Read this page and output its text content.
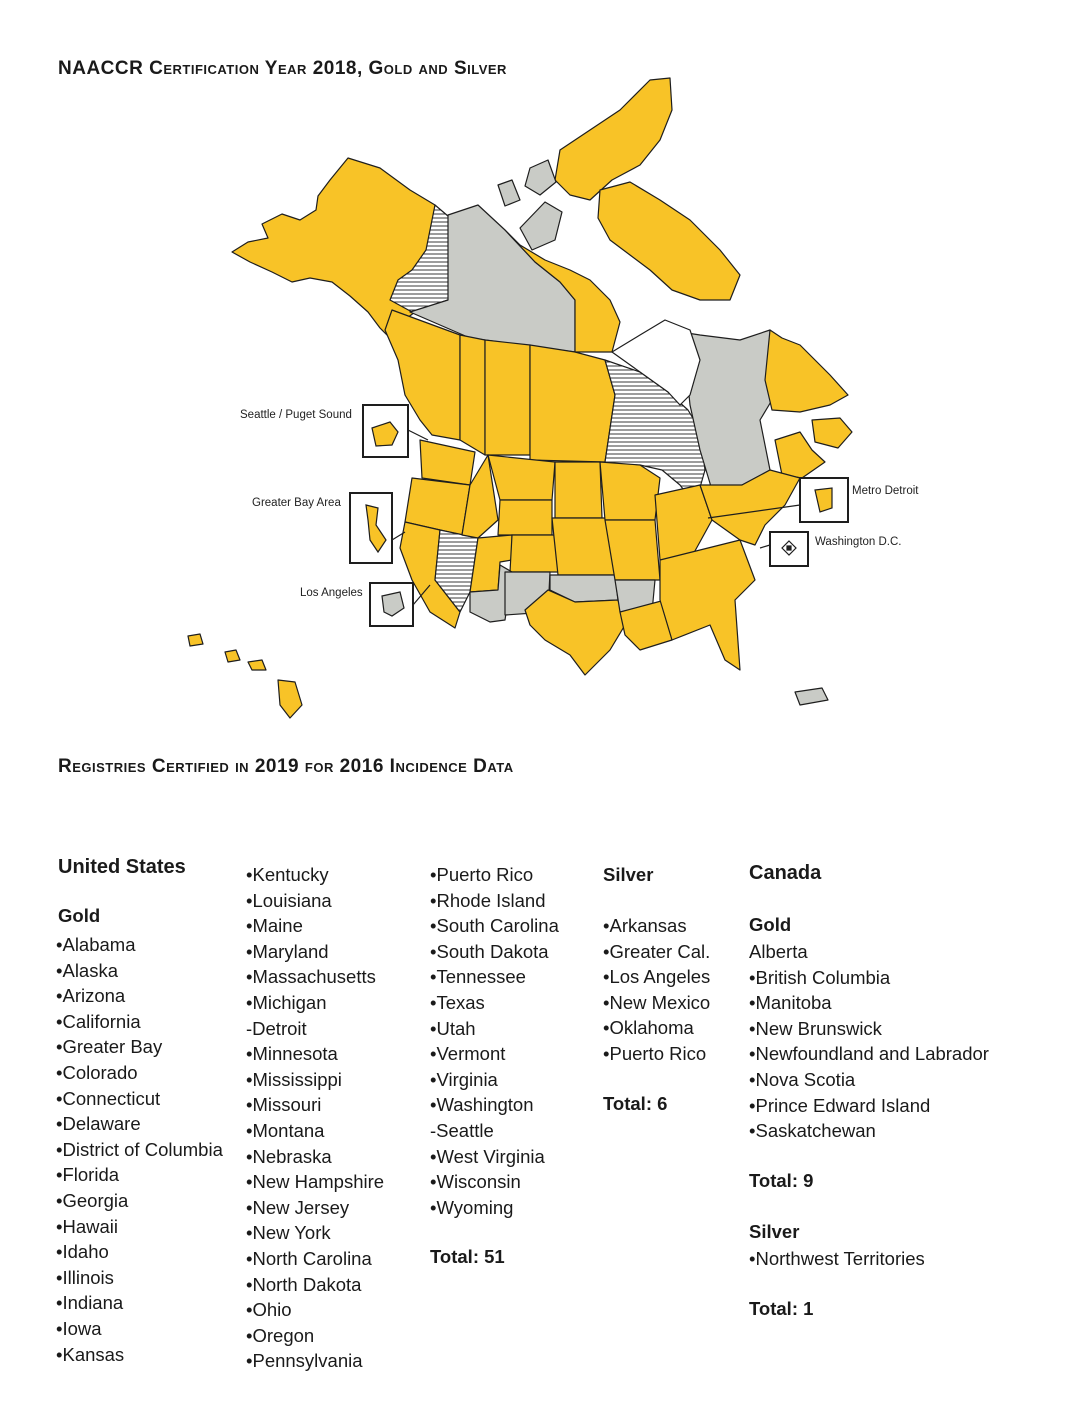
NAACCR Certification Year 2018, Gold and Silver
Seattle / Puget Sound
Greater Bay Area
Los Angeles
Metro Detroit
Washington D.C.
Registries Certified in 2019 for 2016 Incidence Data
United States
Gold
•Alabama
•Alaska
•Arizona
•California
•Greater Bay
•Colorado
•Connecticut
•Delaware
•District of Columbia
•Florida
•Georgia
•Hawaii
•Idaho
•Illinois
•Indiana
•Iowa
•Kansas
•Kentucky
•Louisiana
•Maine
•Maryland
•Massachusetts
•Michigan
-Detroit
•Minnesota
•Mississippi
•Missouri
•Montana
•Nebraska
•New Hampshire
•New Jersey
•New York
•North Carolina
•North Dakota
•Ohio
•Oregon
•Pennsylvania
•Puerto Rico
•Rhode Island
•South Carolina
•South Dakota
•Tennessee
•Texas
•Utah
•Vermont
•Virginia
•Washington
-Seattle
•West Virginia
•Wisconsin
•Wyoming
Total: 51
Silver
•Arkansas
•Greater Cal.
•Los Angeles
•New Mexico
•Oklahoma
•Puerto Rico
Total: 6
Canada
Gold
Alberta
•British Columbia
•Manitoba
•New Brunswick
•Newfoundland and Labrador
•Nova Scotia
•Prince Edward Island
•Saskatchewan
Total: 9
Silver
•Northwest Territories
Total: 1
